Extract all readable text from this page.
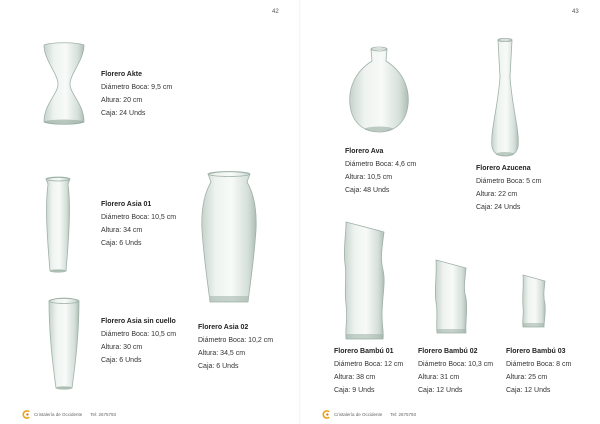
42	43
Florero Akte
Diámetro Boca: 9,5 cm
Altura: 20 cm
Caja: 24 Unds
Florero Asia 01
Diámetro Boca: 10,5 cm
Altura: 34 cm
Caja: 6 Unds
Florero Asia sin cuello
Diámetro Boca: 10,5 cm
Altura: 30 cm
Caja: 6 Unds
Florero Asia 02
Diámetro Boca: 10,2 cm
Altura: 34,5 cm
Caja: 6 Unds
Cristalería de Occidente Tel: 2675793
Florero Ava
Diámetro Boca: 4,6 cm
Altura: 10,5 cm
Caja: 48 Unds
Florero Azucena
Diámetro Boca: 5 cm
Altura: 22 cm
Caja: 24 Unds
Florero Bambú 01
Diámetro Boca: 12 cm
Altura: 38 cm
Caja: 9 Unds
Florero Bambú 02
Diámetro Boca: 10,3 cm
Altura: 31 cm
Caja: 12 Unds
Florero Bambú 03
Diámetro Boca: 8 cm
Altura: 25 cm
Caja: 12 Unds
Cristalería de Occidente Tel: 2675793
